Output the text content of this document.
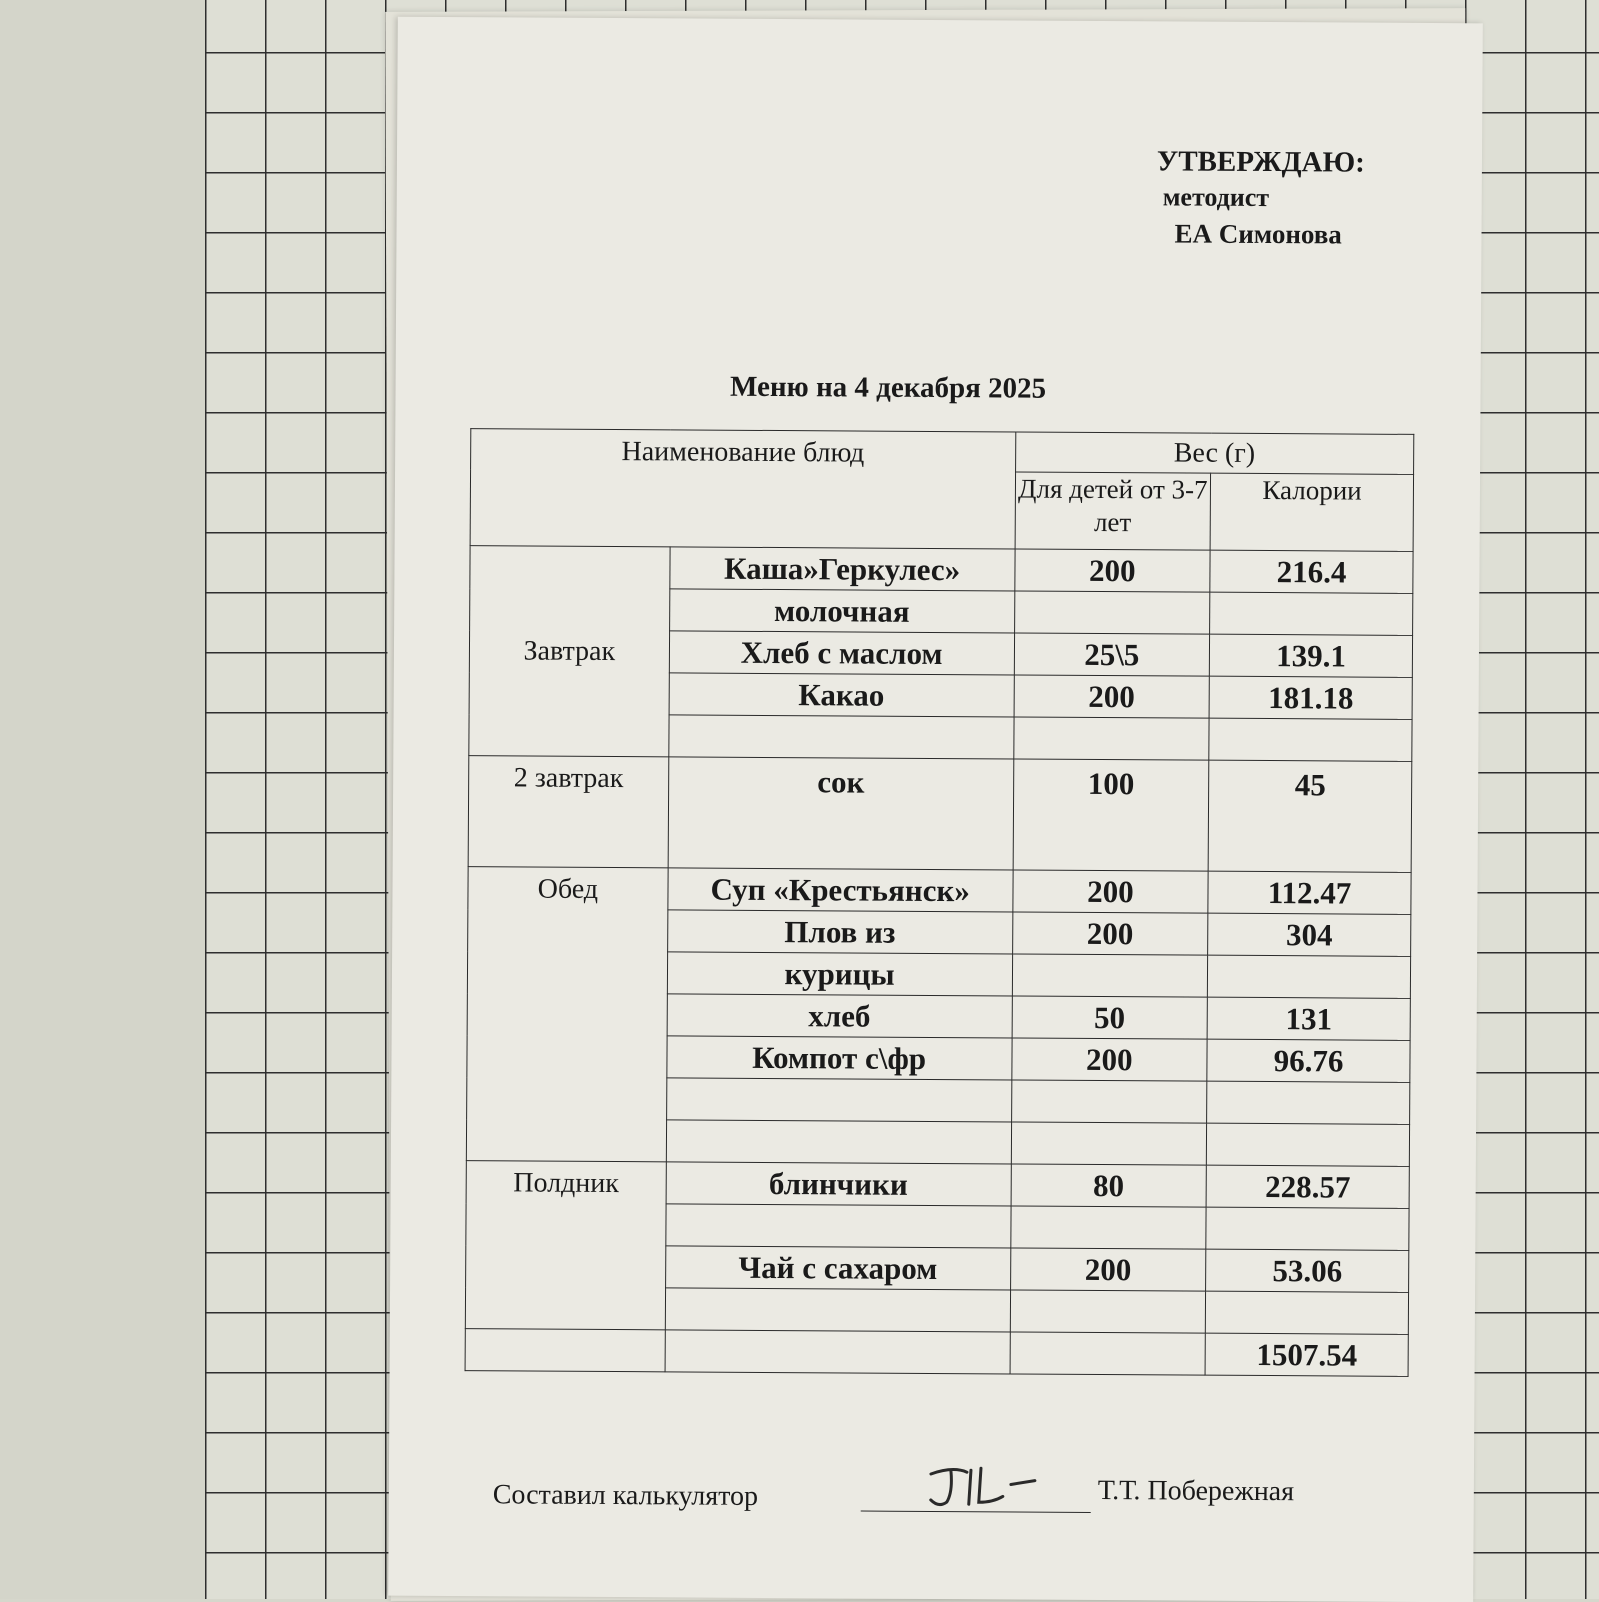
УТВЕРЖДАЮ:
методист
ЕА Симонова
Меню на 4 декабря 2025
Наименование блюд		Вес (г)	
		Для детей от 3-7 лет	Калории
Завтрак	Каша»Геркулес»	200	216.4
	молочная		
	Хлеб с маслом	25\5	139.1
	Какао	200	181.18

2 завтрак	сок	100	45
Обед	Суп «Крестьянск»	200	112.47
	Плов из	200	304
	курицы		
	хлеб	50	131
	Компот с\фр	200	96.76

Полдник	блинчики	80	228.57

	Чай с сахаром	200	53.06

			1507.54
Составил калькулятор	Т.Т. Побережная
